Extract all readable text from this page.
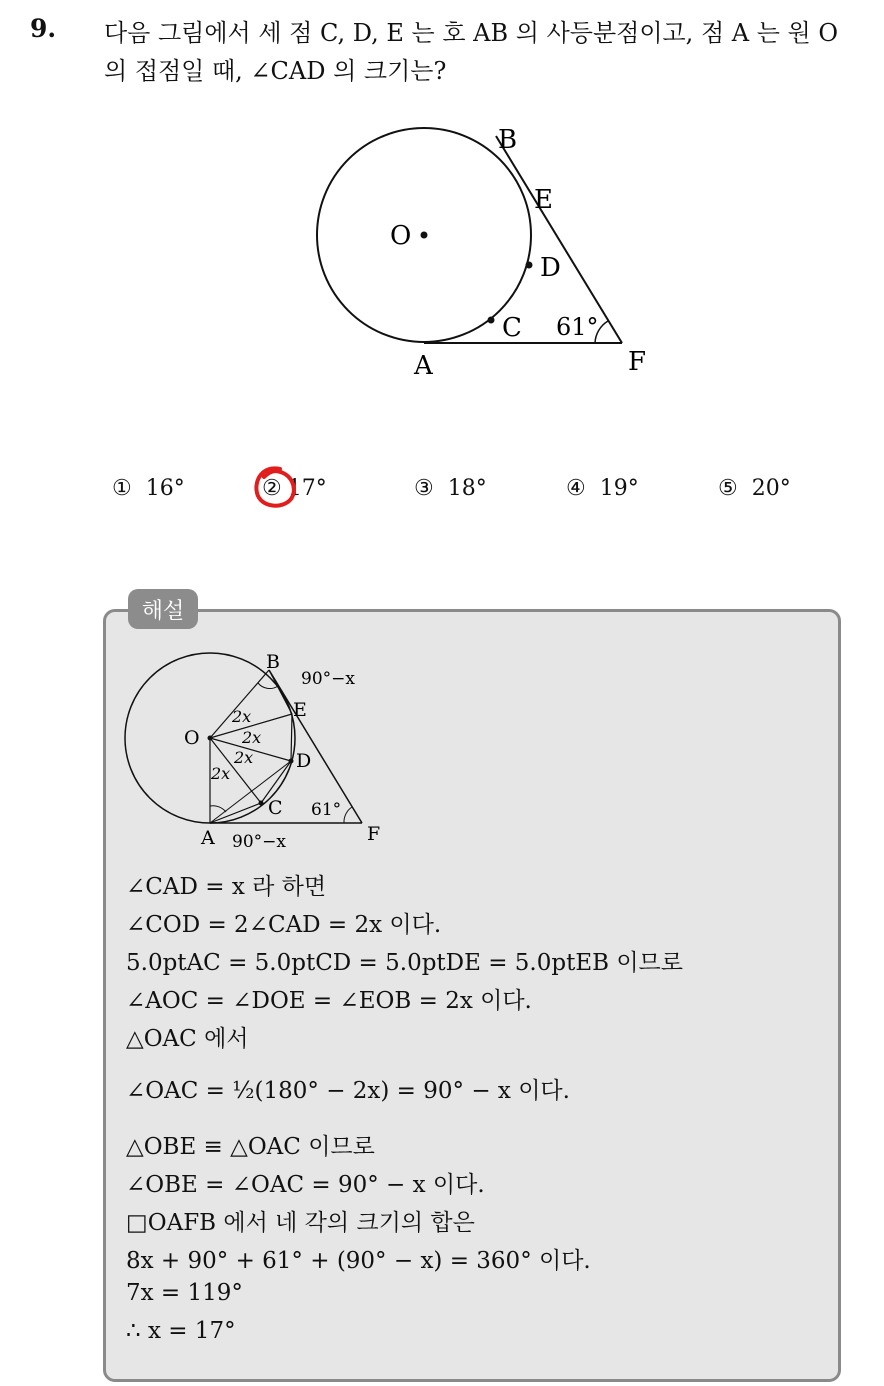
9. 다음 그림에서 세 점 C, D, E 는 호 AB 의 사등분점이고, 점 A 는 원 O 의 접점일 때, ∠CAD 의 크기는?
B
E
O
D
C 61°
A	F
① 16°	② 17°	③ 18°	④ 19°	⑤ 20°
해설
B
90°−x
E
O
2x
2x
2x
2x
D
C 61°
A 90°−x	F
∠CAD = x 라 하면
∠COD = 2∠CAD = 2x 이다.
5.0ptAC = 5.0ptCD = 5.0ptDE = 5.0ptEB 이므로
∠AOC = ∠DOE = ∠EOB = 2x 이다.
△OAC 에서
∠OAC = ½(180° − 2x) = 90° − x 이다.
△OBE ≡ △OAC 이므로
∠OBE = ∠OAC = 90° − x 이다.
□OAFB 에서 네 각의 크기의 합은
8x + 90° + 61° + (90° − x) = 360° 이다.
7x = 119°
∴ x = 17°
